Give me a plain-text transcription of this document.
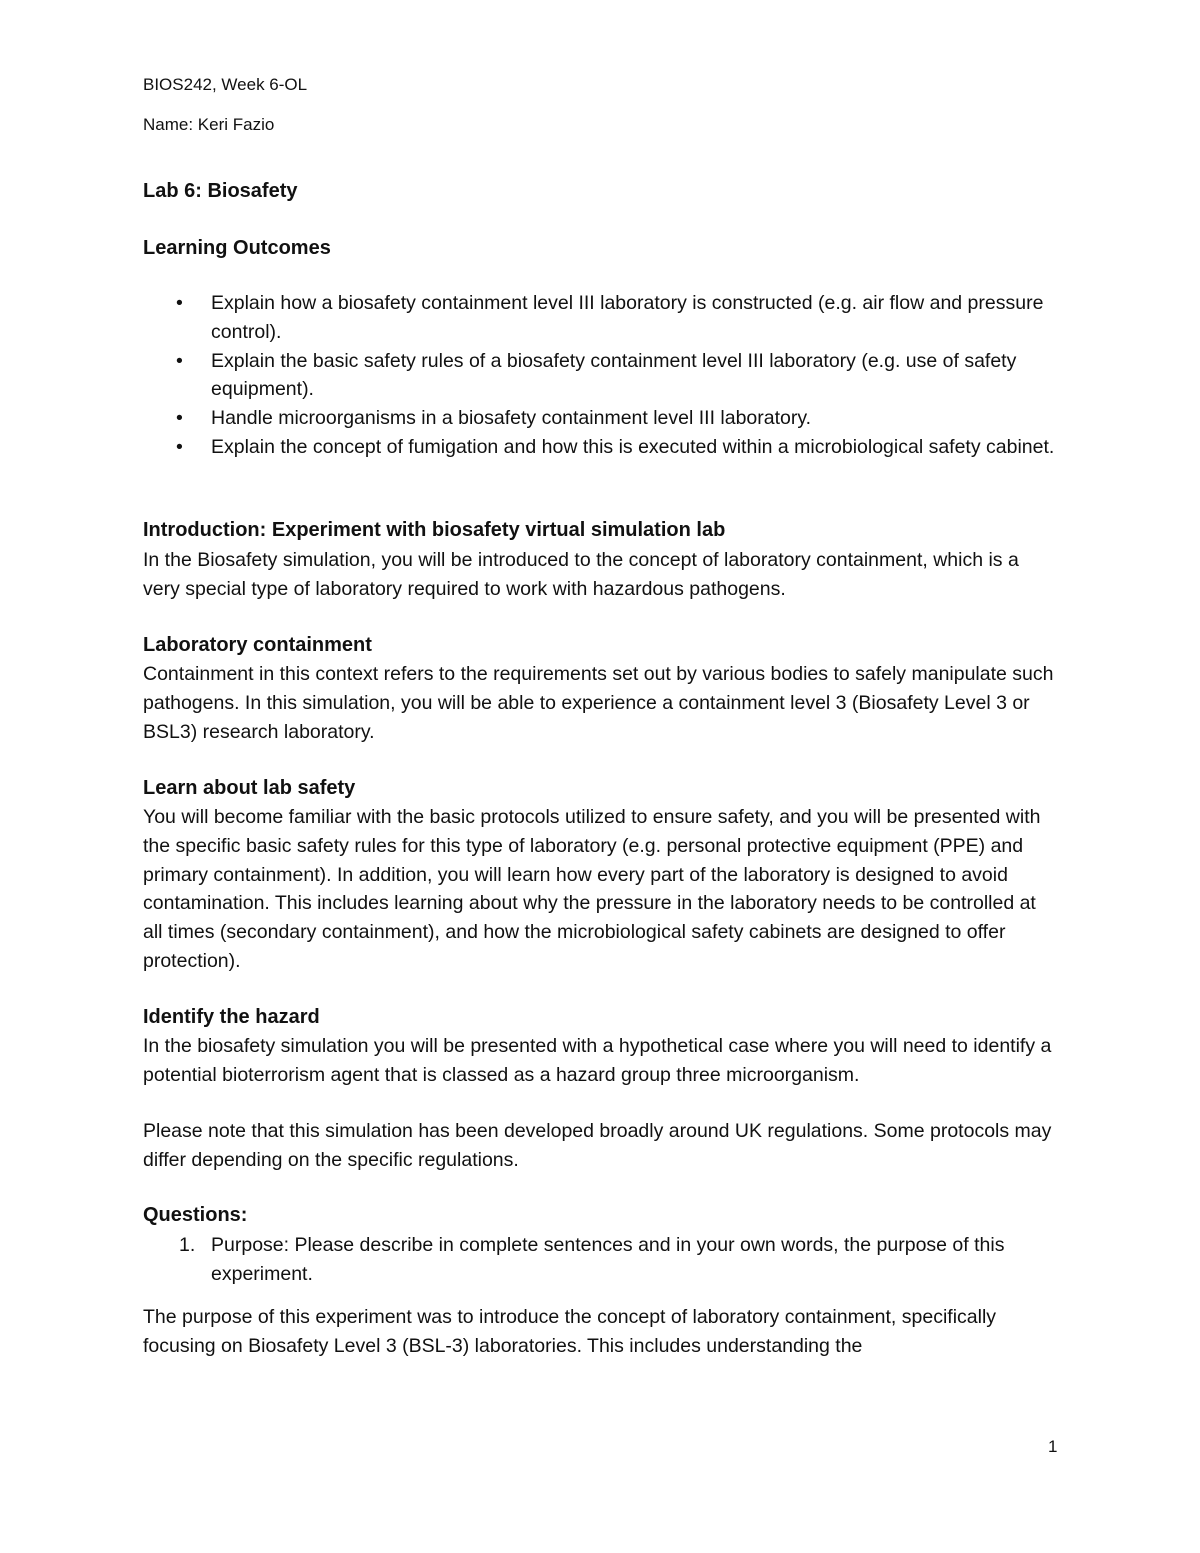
BIOS242, Week 6-OL
Name: Keri Fazio
Lab 6: Biosafety
Learning Outcomes
•	Explain how a biosafety containment level III laboratory is constructed (e.g. air flow and pressure control).
•	Explain the basic safety rules of a biosafety containment level III laboratory (e.g. use of safety equipment).
•	Handle microorganisms in a biosafety containment level III laboratory.
•	Explain the concept of fumigation and how this is executed within a microbiological safety cabinet.
Introduction: Experiment with biosafety virtual simulation lab
In the Biosafety simulation, you will be introduced to the concept of laboratory containment, which is a very special type of laboratory required to work with hazardous pathogens.
Laboratory containment
Containment in this context refers to the requirements set out by various bodies to safely manipulate such pathogens. In this simulation, you will be able to experience a containment level 3 (Biosafety Level 3 or BSL3) research laboratory.
Learn about lab safety
You will become familiar with the basic protocols utilized to ensure safety, and you will be presented with the specific basic safety rules for this type of laboratory (e.g. personal protective equipment (PPE) and primary containment). In addition, you will learn how every part of the laboratory is designed to avoid contamination. This includes learning about why the pressure in the laboratory needs to be controlled at all times (secondary containment), and how the microbiological safety cabinets are designed to offer protection).
Identify the hazard
In the biosafety simulation you will be presented with a hypothetical case where you will need to identify a potential bioterrorism agent that is classed as a hazard group three microorganism.
Please note that this simulation has been developed broadly around UK regulations. Some protocols may differ depending on the specific regulations.
Questions:
1. Purpose: Please describe in complete sentences and in your own words, the purpose of this experiment.
The purpose of this experiment was to introduce the concept of laboratory containment, specifically focusing on Biosafety Level 3 (BSL-3) laboratories. This includes understanding the
1
